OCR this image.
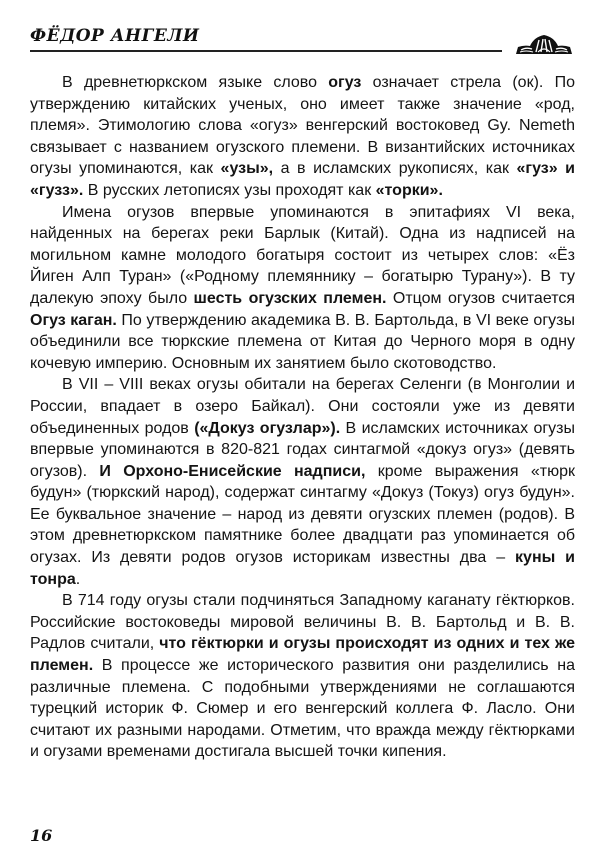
ФЁДОР АНГЕЛИ

В древнетюркском языке слово огуз означает стрела (ок). По утверждению китайских ученых, оно имеет также значение «род, племя». Этимологию слова «огуз» венгерский востоковед Gy. Nemeth связывает с названием огузского племени. В византийских источниках огузы упоминаются, как «узы», а в исламских рукописях, как «гуз» и «гузз». В русских летописях узы проходят как «торки».

Имена огузов впервые упоминаются в эпитафиях VI века, найденных на берегах реки Барлык (Китай). Одна из надписей на могильном камне молодого богатыря состоит из четырех слов: «Ёз Йиген Алп Туран» («Родному племяннику – богатырю Турану»). В ту далекую эпоху было шесть огузских племен. Отцом огузов считается Огуз каган. По утверждению академика В. В. Бартольда, в VI веке огузы объединили все тюркские племена от Китая до Черного моря в одну кочевую империю. Основным их занятием было скотоводство.

В VII – VIII веках огузы обитали на берегах Селенги (в Монголии и России, впадает в озеро Байкал). Они состояли уже из девяти объединенных родов («Докуз огузлар»). В исламских источниках огузы впервые упоминаются в 820-821 годах синтагмой «докуз огуз» (девять огузов). И Орхоно-Енисейские надписи, кроме выражения «тюрк будун» (тюркский народ), содержат синтагму «Докуз (Токуз) огуз будун». Ее буквальное значение – народ из девяти огузских племен (родов). В этом древнетюркском памятнике более двадцати раз упоминается об огузах. Из девяти родов огузов историкам известны два – куны и тонра.

В 714 году огузы стали подчиняться Западному каганату гёктюрков. Российские востоковеды мировой величины В. В. Бартольд и В. В. Радлов считали, что гёктюрки и огузы происходят из одних и тех же племен. В процессе же исторического развития они разделились на различные племена. С подобными утверждениями не соглашаются турецкий историк Ф. Сюмер и его венгерский коллега Ф. Ласло. Они считают их разными народами. Отметим, что вражда между гёктюрками и огузами временами достигала высшей точки кипения.

16
